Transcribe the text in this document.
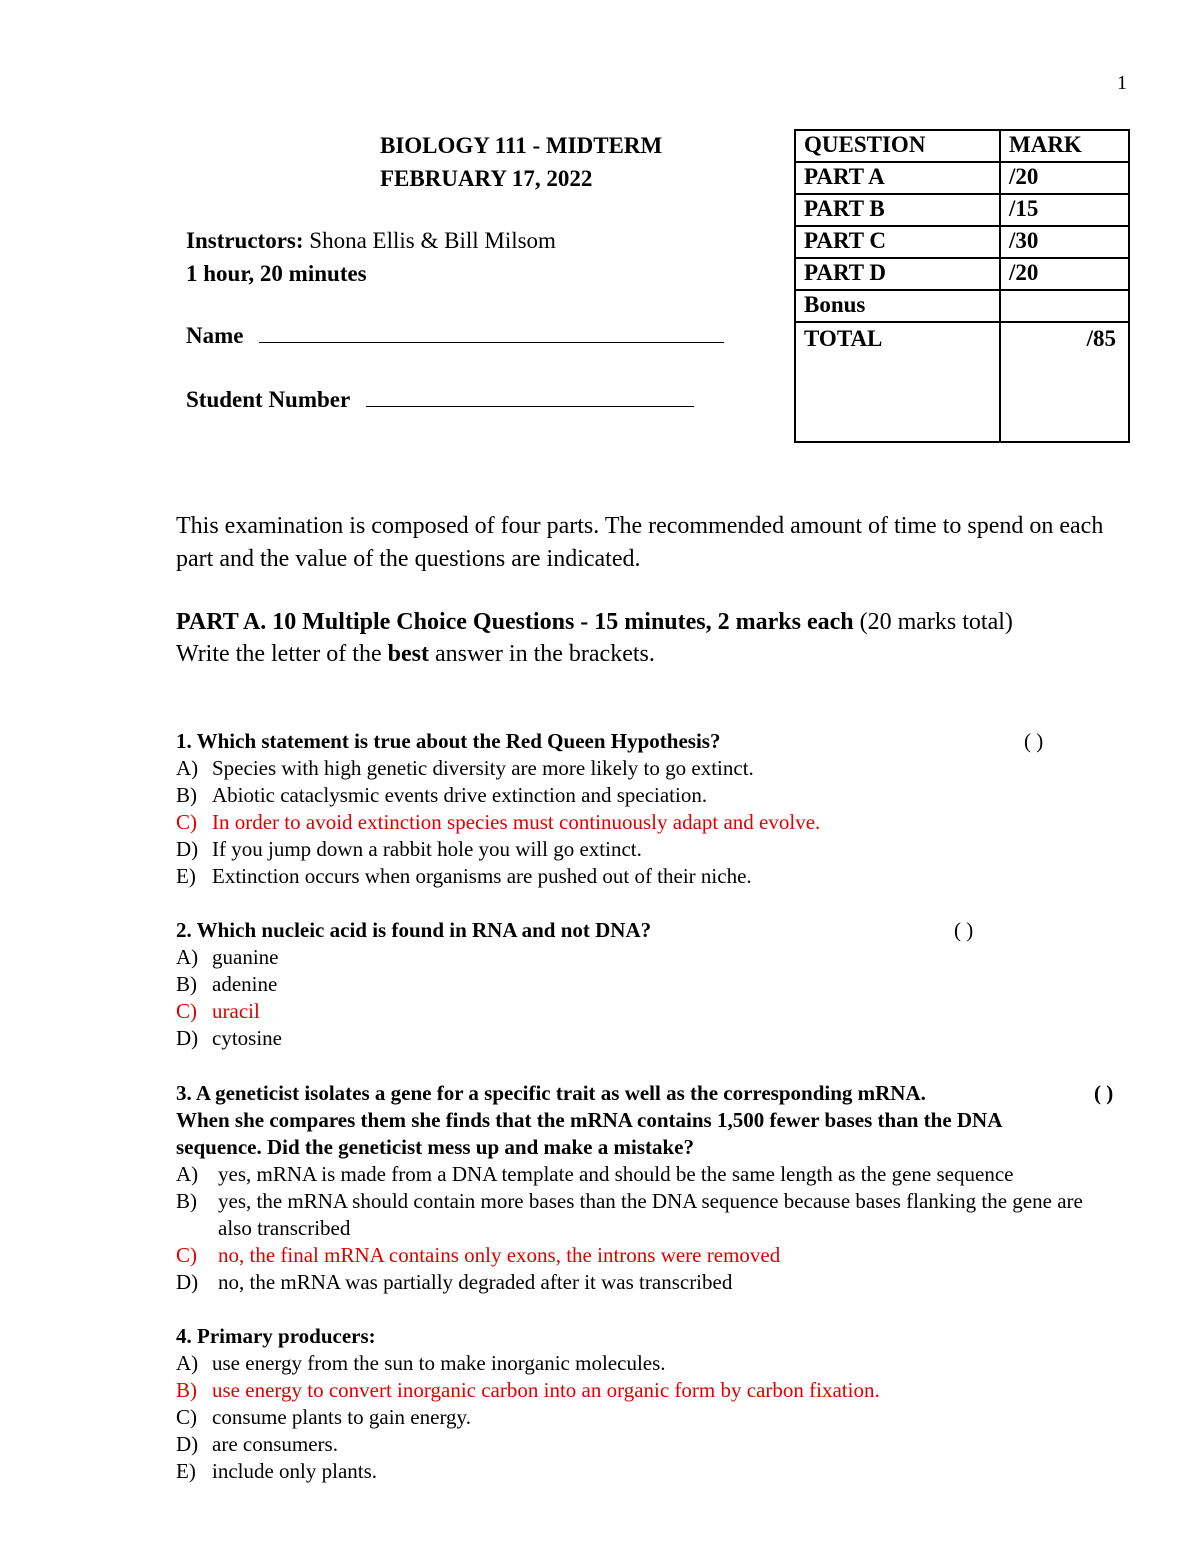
1
BIOLOGY 111 - MIDTERM
FEBRUARY 17, 2022
Instructors: Shona Ellis & Bill Milsom
1 hour, 20 minutes
Name
Student Number
QUESTION	MARK
PART A	/20
PART B	/15
PART C	/30
PART D	/20
Bonus	
TOTAL	/85
This examination is composed of four parts. The recommended amount of time to spend on each part and the value of the questions are indicated.
PART A. 10 Multiple Choice Questions - 15 minutes, 2 marks each (20 marks total)
Write the letter of the best answer in the brackets.
1. Which statement is true about the Red Queen Hypothesis?	( )
A) Species with high genetic diversity are more likely to go extinct.
B) Abiotic cataclysmic events drive extinction and speciation.
C) In order to avoid extinction species must continuously adapt and evolve.
D) If you jump down a rabbit hole you will go extinct.
E) Extinction occurs when organisms are pushed out of their niche.
2. Which nucleic acid is found in RNA and not DNA?	( )
A) guanine
B) adenine
C) uracil
D) cytosine
3. A geneticist isolates a gene for a specific trait as well as the corresponding mRNA.	( )
When she compares them she finds that the mRNA contains 1,500 fewer bases than the DNA
sequence. Did the geneticist mess up and make a mistake?
A) yes, mRNA is made from a DNA template and should be the same length as the gene sequence
B)	yes, the mRNA should contain more bases than the DNA sequence because bases flanking the gene are also transcribed
C)	no, the final mRNA contains only exons, the introns were removed
D) no, the mRNA was partially degraded after it was transcribed
4. Primary producers:
A) use energy from the sun to make inorganic molecules.
B) use energy to convert inorganic carbon into an organic form by carbon fixation.
C) consume plants to gain energy.
D) are consumers.
E) include only plants.
